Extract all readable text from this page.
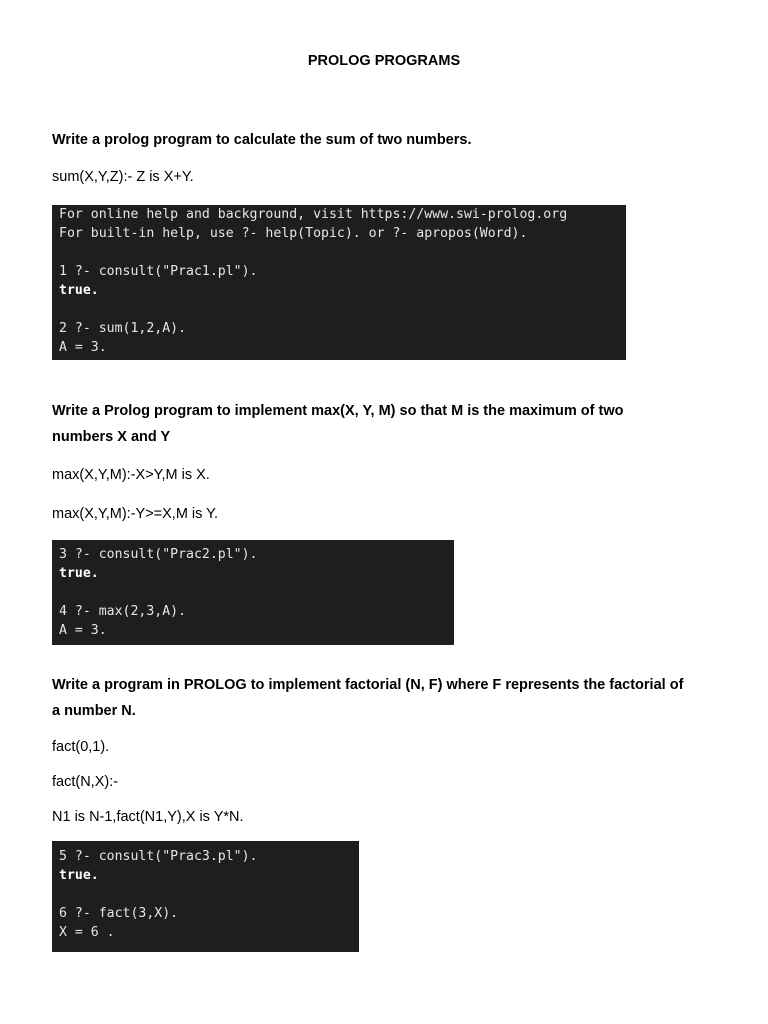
PROLOG PROGRAMS
Write a prolog program to calculate the sum of two numbers.
sum(X,Y,Z):- Z is X+Y.
For online help and background, visit https://www.swi-prolog.org
For built-in help, use ?- help(Topic). or ?- apropos(Word).
1 ?- consult("Prac1.pl").
true.
2 ?- sum(1,2,A).
A = 3.
Write a Prolog program to implement max(X, Y, M) so that M is the maximum of two
numbers X and Y
max(X,Y,M):-X>Y,M is X.
max(X,Y,M):-Y>=X,M is Y.
3 ?- consult("Prac2.pl").
true.
4 ?- max(2,3,A).
A = 3.
Write a program in PROLOG to implement factorial (N, F) where F represents the factorial of
a number N.
fact(0,1).
fact(N,X):-
N1 is N-1,fact(N1,Y),X is Y*N.
5 ?- consult("Prac3.pl").
true.
6 ?- fact(3,X).
X = 6 .
